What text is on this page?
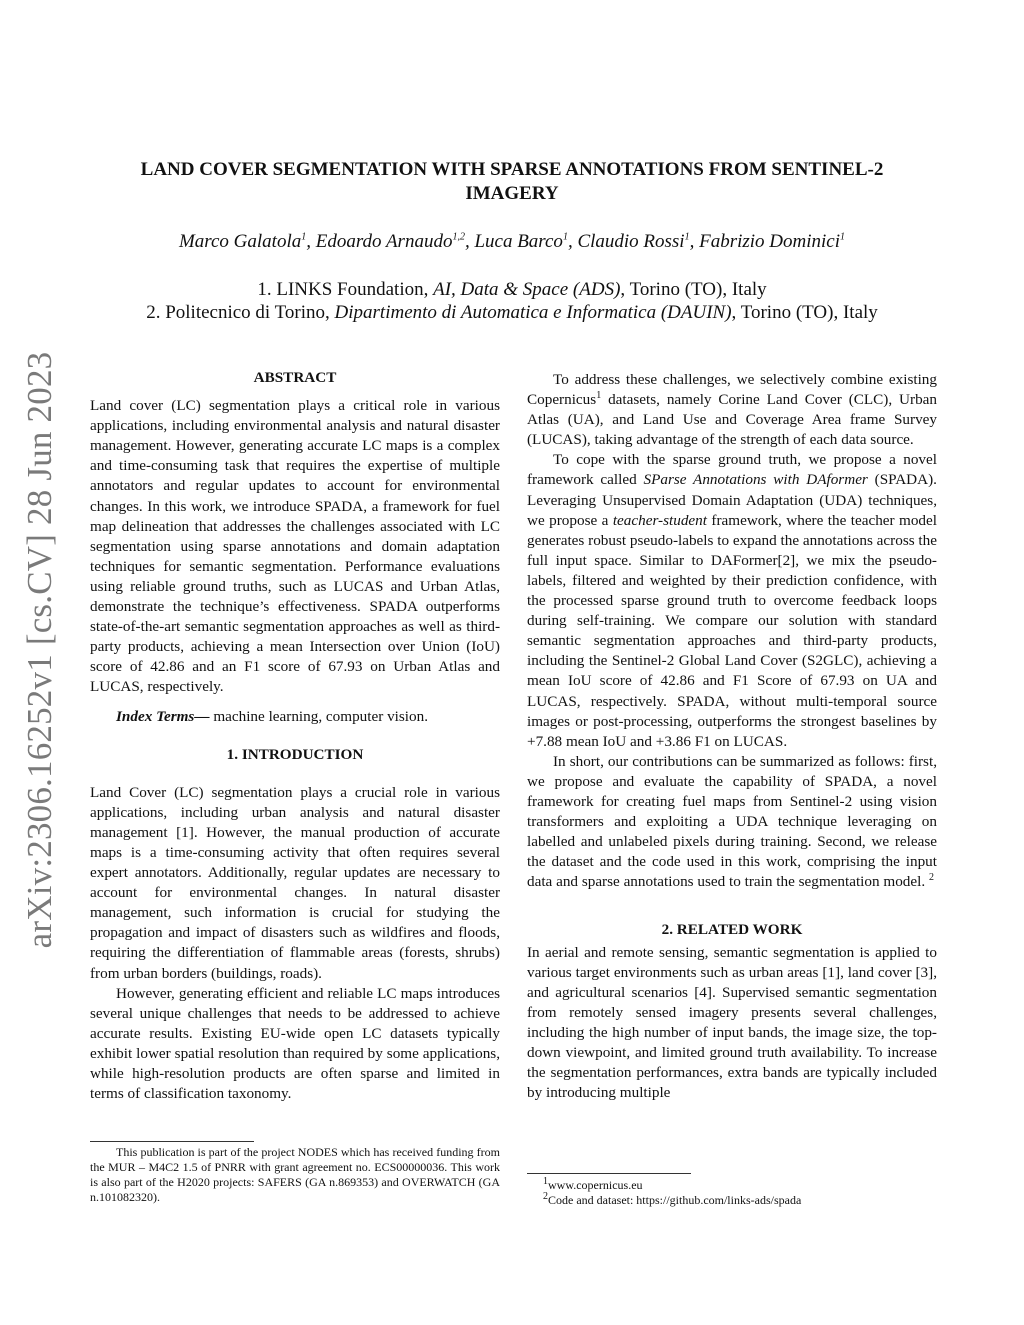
LAND COVER SEGMENTATION WITH SPARSE ANNOTATIONS FROM SENTINEL-2
IMAGERY
Marco Galatola$^1$, Edoardo Arnaudo$^{1,2}$, Luca Barco$^1$, Claudio Rossi$^1$, Fabrizio Dominici$^1$
1. LINKS Foundation, AI, Data & Space (ADS), Torino (TO), Italy
2. Politecnico di Torino, Dipartimento di Automatica e Informatica (DAUIN), Torino (TO), Italy
arXiv:2306.16252v1 [cs.CV] 28 Jun 2023	ABSTRACT

Land cover (LC) segmentation plays a critical role in various applications, including environmental analysis and natural disaster management. However, generating accurate LC maps is a complex and time-consuming task that requires the expertise of multiple annotators and regular updates to account for environmental changes. In this work, we introduce SPADA, a framework for fuel map delineation that addresses the challenges associated with LC segmentation using sparse annotations and domain adaptation techniques for semantic segmentation. Performance evaluations using reliable ground truths, such as LUCAS and Urban Atlas, demonstrate the technique’s effectiveness. SPADA outperforms state-of-the-art semantic segmentation approaches as well as third-party products, achieving a mean Intersection over Union (IoU) score of 42.86 and an F1 score of 67.93 on Urban Atlas and LUCAS, respectively.

Index Terms— machine learning, computer vision.

1. INTRODUCTION

Land Cover (LC) segmentation plays a crucial role in various applications, including urban analysis and natural disaster management [1]. However, the manual production of accurate maps is a time-consuming activity that often requires several expert annotators. Additionally, regular updates are necessary to account for environmental changes. In natural disaster management, such information is crucial for studying the propagation and impact of disasters such as wildfires and floods, requiring the differentiation of flammable areas (forests, shrubs) from urban borders (buildings, roads).

However, generating efficient and reliable LC maps introduces several unique challenges that needs to be addressed to achieve accurate results. Existing EU-wide open LC datasets typically exhibit lower spatial resolution than required by some applications, while high-resolution products are often sparse and limited in terms of classification taxonomy.

This publication is part of the project NODES which has received funding from the MUR – M4C2 1.5 of PNRR with grant agreement no. ECS00000036. This work is also part of the H2020 projects: SAFERS (GA n.869353) and OVERWATCH (GA n.101082320).

To address these challenges, we selectively combine existing Copernicus$^1$ datasets, namely Corine Land Cover (CLC), Urban Atlas (UA), and Land Use and Coverage Area frame Survey (LUCAS), taking advantage of the strength of each data source.

To cope with the sparse ground truth, we propose a novel framework called SParse Annotations with DAformer (SPADA). Leveraging Unsupervised Domain Adaptation (UDA) techniques, we propose a teacher-student framework, where the teacher model generates robust pseudo-labels to expand the annotations across the full input space. Similar to DAFormer[2], we mix the pseudo-labels, filtered and weighted by their prediction confidence, with the processed sparse ground truth to overcome feedback loops during self-training. We compare our solution with standard semantic segmentation approaches and third-party products, including the Sentinel-2 Global Land Cover (S2GLC), achieving a mean IoU score of 42.86 and F1 Score of 67.93 on UA and LUCAS, respectively. SPADA, without multi-temporal source images or post-processing, outperforms the strongest baselines by +7.88 mean IoU and +3.86 F1 on LUCAS.

In short, our contributions can be summarized as follows: first, we propose and evaluate the capability of SPADA, a novel framework for creating fuel maps from Sentinel-2 using vision transformers and exploiting a UDA technique leveraging on labelled and unlabeled pixels during training. Second, we release the dataset and the code used in this work, comprising the input data and sparse annotations used to train the segmentation model. $^2$

2. RELATED WORK

In aerial and remote sensing, semantic segmentation is applied to various target environments such as urban areas [1], land cover [3], and agricultural scenarios [4]. Supervised semantic segmentation from remotely sensed imagery presents several challenges, including the high number of input bands, the image size, the top-down viewpoint, and limited ground truth availability. To increase the segmentation performances, extra bands are typically included by introducing multiple

$^1$www.copernicus.eu
$^2$Code and dataset: https://github.com/links-ads/spada
